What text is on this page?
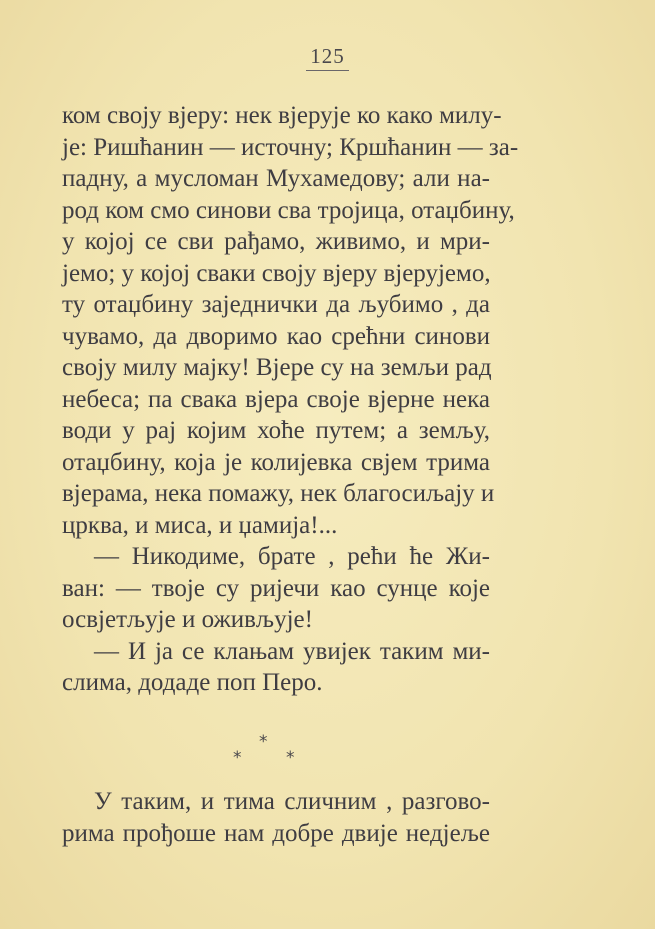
125
ком своју вјеру: нек вјерује ко како милу-
је: Ришћанин — источну; Кршћанин — за-
падну, а мусломан Мухамедову; али на-
род ком смо синови сва тројица, отаџбину,
у којој се сви рађамо, живимо, и мри-
јемо; у којој сваки своју вјеру вјерујемо,
ту отаџбину заједнички да љубимо , да
чувамо, да дворимо као срећни синови
своју милу мајку! Вјере су на земљи рад
небеса; па свака вјера своје вјерне нека
води у рај којим хоће путем; а земљу,
отаџбину, која је колијевка свјем трима
вјерама, нека помажу, нек благосиљају и
црква, и миса, и џамија!...
— Никодиме, брате , рећи ће Жи-
ван: — твоје су ријечи као сунце које
освјетљује и оживљује!
— И ја се клањам увијек таким ми-
слима, додаде поп Перо.
*
*	*
У таким, и тима сличним , разгово-
рима прођоше нам добре двије недјеље
